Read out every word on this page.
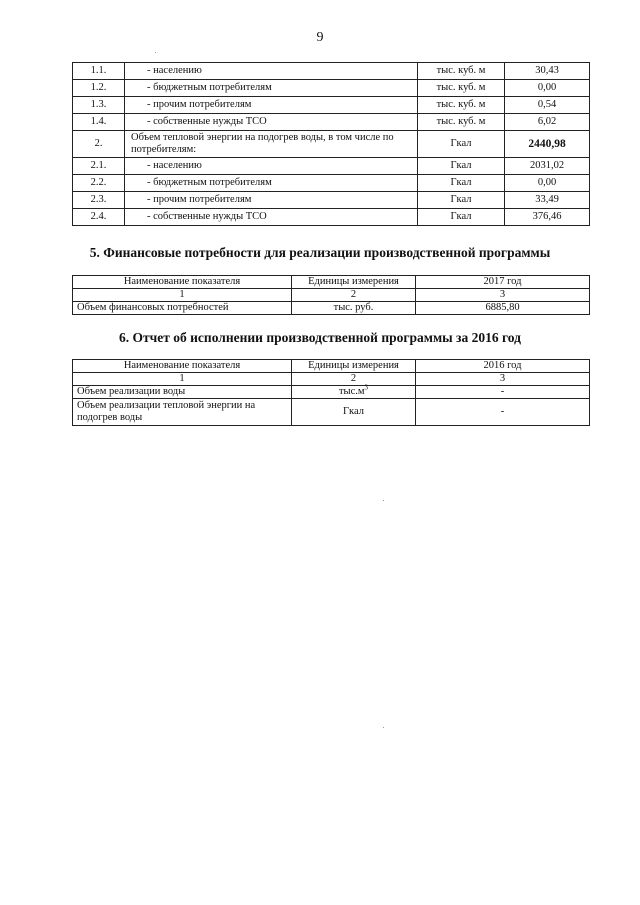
9
1.1.	- населению	тыс. куб. м	30,43
1.2.	- бюджетным потребителям	тыс. куб. м	0,00
1.3.	- прочим потребителям	тыс. куб. м	0,54
1.4.	- собственные нужды ТСО	тыс. куб. м	6,02
2.	Объем тепловой энергии на подогрев воды, в том числе по потребителям:	Гкал	2440,98
2.1.	- населению	Гкал	2031,02
2.2.	- бюджетным потребителям	Гкал	0,00
2.3.	- прочим потребителям	Гкал	33,49
2.4.	- собственные нужды ТСО	Гкал	376,46
5. Финансовые потребности для реализации производственной программы
Наименование показателя	Единицы измерения	2017 год
1	2	3
Объем финансовых потребностей	тыс. руб.	6885,80
6. Отчет об исполнении производственной программы за 2016 год
Наименование показателя	Единицы измерения	2016 год
1	2	3
Объем реализации воды	$тыс.м^3$	-
Объем реализации тепловой энергии на подогрев воды	Гкал	-
